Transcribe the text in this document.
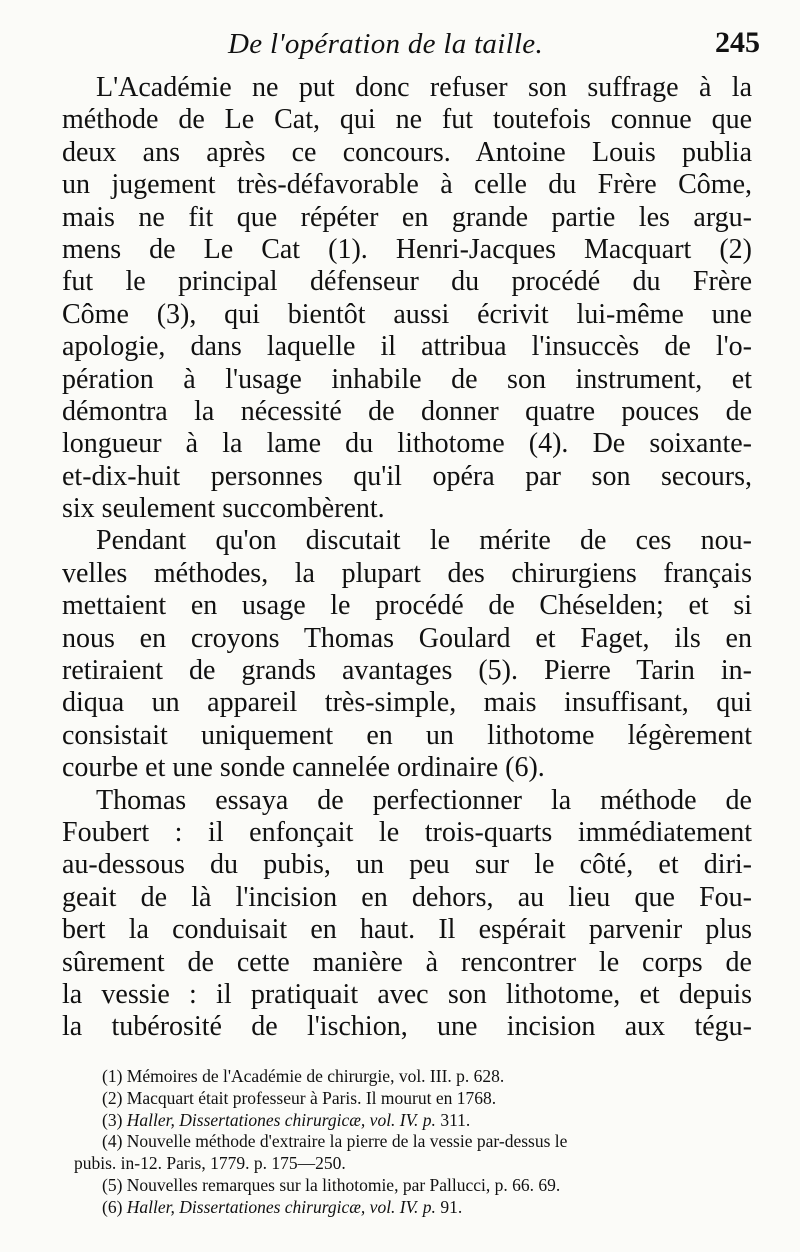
De l'opération de la taille.	245
L'Académie ne put donc refuser son suffrage à la
méthode de Le Cat, qui ne fut toutefois connue que
deux ans après ce concours. Antoine Louis publia
un jugement très-défavorable à celle du Frère Côme,
mais ne fit que répéter en grande partie les argu-
mens de Le Cat (1). Henri-Jacques Macquart (2)
fut le principal défenseur du procédé du Frère
Côme (3), qui bientôt aussi écrivit lui-même une
apologie, dans laquelle il attribua l'insuccès de l'o-
pération à l'usage inhabile de son instrument, et
démontra la nécessité de donner quatre pouces de
longueur à la lame du lithotome (4). De soixante-
et-dix-huit personnes qu'il opéra par son secours,
six seulement succombèrent.
Pendant qu'on discutait le mérite de ces nou-
velles méthodes, la plupart des chirurgiens français
mettaient en usage le procédé de Chéselden; et si
nous en croyons Thomas Goulard et Faget, ils en
retiraient de grands avantages (5). Pierre Tarin in-
diqua un appareil très-simple, mais insuffisant, qui
consistait uniquement en un lithotome légèrement
courbe et une sonde cannelée ordinaire (6).
Thomas essaya de perfectionner la méthode de
Foubert : il enfonçait le trois-quarts immédiatement
au-dessous du pubis, un peu sur le côté, et diri-
geait de là l'incision en dehors, au lieu que Fou-
bert la conduisait en haut. Il espérait parvenir plus
sûrement de cette manière à rencontrer le corps de
la vessie : il pratiquait avec son lithotome, et depuis
la tubérosité de l'ischion, une incision aux tégu-
(1) Mémoires de l'Académie de chirurgie, vol. III. p. 628.
(2) Macquart était professeur à Paris. Il mourut en 1768.
(3) Haller, Dissertationes chirurgicæ, vol. IV. p. 311.
(4) Nouvelle méthode d'extraire la pierre de la vessie par-dessus le
pubis. in-12. Paris, 1779. p. 175—250.
(5) Nouvelles remarques sur la lithotomie, par Pallucci, p. 66. 69.
(6) Haller, Dissertationes chirurgicæ, vol. IV. p. 91.
